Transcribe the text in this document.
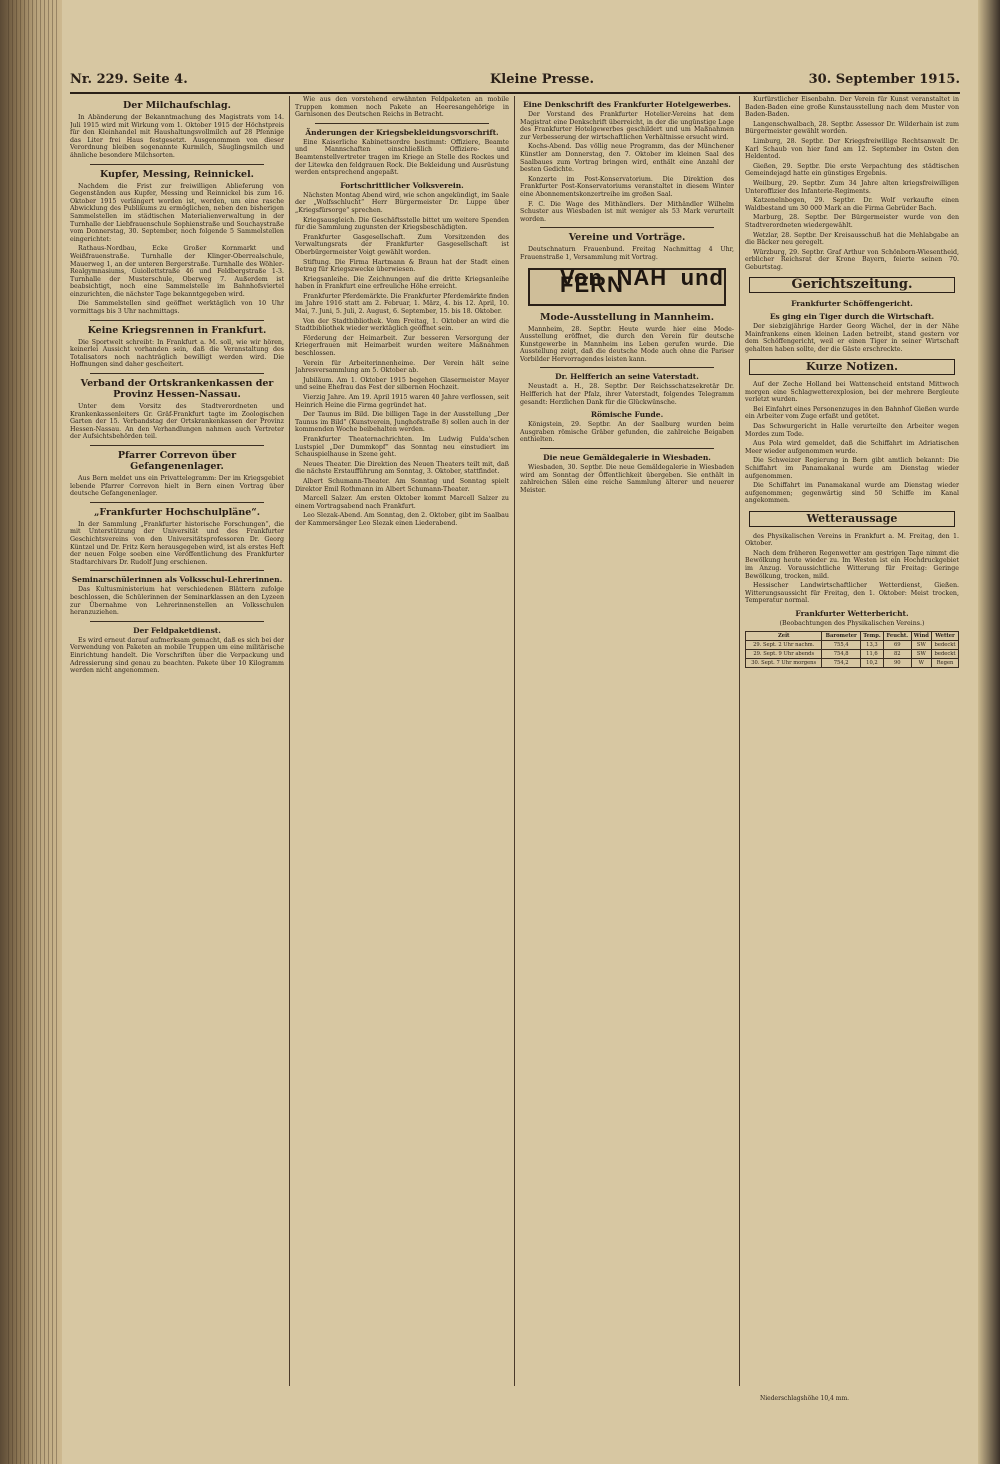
Nr. 229. Seite 4.	Kleine Presse.	30. September 1915.
Der Milchaufschlag.

In Abänderung der Bekanntmachung des Magistrats vom 14. Juli 1915 wird mit Wirkung vom 1. Oktober 1915 der Höchstpreis für den Kleinhandel mit Haushaltungsvollmilch auf 28 Pfennige das Liter frei Haus festgesetzt. Ausgenommen von dieser Verordnung bleiben sogenannte Kurmilch, Säuglingsmilch und ähnliche besondere Milchsorten.

Kupfer, Messing, Reinnickel.

Nachdem die Frist zur freiwilligen Ablieferung von Gegenständen aus Kupfer, Messing und Reinnickel bis zum 16. Oktober 1915 verlängert worden ist, werden, um eine rasche Abwicklung des Publikums zu ermöglichen, neben den bisherigen Sammelstellen im städtischen Materialienverwaltung in der Turnhalle der Liebfrauenschule Sophienstraße und Souchaystraße vom Donnerstag, 30. September, noch folgende 5 Sammelstellen eingerichtet:

Rathaus-Nordbau, Ecke Großer Kornmarkt und Weißfrauenstraße. Turnhalle der Klinger-Oberrealschule, Mauerweg 1, an der unteren Bergerstraße. Turnhalle des Wöhler-Realgymnasiums, Guiollettstraße 46 und Feldbergstraße 1-3. Turnhalle der Musterschule, Oberweg 7. Außerdem ist beabsichtigt, noch eine Sammelstelle im Bahnhofsviertel einzurichten, die nächster Tage bekanntgegeben wird.

Die Sammelstellen sind geöffnet werktäglich von 10 Uhr vormittags bis 3 Uhr nachmittags.

Keine Kriegsrennen in Frankfurt.

Die Sportwelt schreibt: In Frankfurt a. M. soll, wie wir hören, keinerlei Aussicht vorhanden sein, daß die Veranstaltung des Totalisators noch nachträglich bewilligt werden wird. Die Hoffnungen sind daher gescheitert.

Verband der Ortskrankenkassen der Provinz Hessen-Nassau.

Unter dem Vorsitz des Stadtverordneten und Krankenkassenleiters Gr. Gräf-Frankfurt tagte im Zoologischen Garten der 15. Verbandstag der Ortskrankenkassen der Provinz Hessen-Nassau. An den Verhandlungen nahmen auch Vertreter der Aufsichtsbehörden teil.

Pfarrer Correvon über Gefangenenlager.

Aus Bern meldet uns ein Privattelegramm: Der im Kriegsgebiet lebende Pfarrer Correvon hielt in Bern einen Vortrag über deutsche Gefangenenlager.

„Frankfurter Hochschulpläne“.

In der Sammlung „Frankfurter historische Forschungen“, die mit Unterstützung der Universität und des Frankfurter Geschichtsvereins von den Universitätsprofessoren Dr. Georg Küntzel und Dr. Fritz Kern herausgegeben wird, ist als erstes Heft der neuen Folge soeben eine Veröffentlichung des Frankfurter Stadtarchivars Dr. Rudolf Jung erschienen.

Seminarschülerinnen als Volksschul-Lehrerinnen.

Das Kultusministerium hat verschiedenen Blättern zufolge beschlossen, die Schülerinnen der Seminarklassen an den Lyzeen zur Übernahme von Lehrerinnenstellen an Volksschulen heranzuziehen.

Der Feldpaketdienst.

Es wird erneut darauf aufmerksam gemacht, daß es sich bei der Verwendung von Paketen an mobile Truppen um eine militärische Einrichtung handelt. Die Vorschriften über die Verpackung und Adressierung sind genau zu beachten. Pakete über 10 Kilogramm werden nicht angenommen.

Wie aus den vorstehend erwähnten Feldpaketen an mobile Truppen kommen noch Pakete an Heeresangehörige in Garnisonen des Deutschen Reichs in Betracht.

Änderungen der Kriegsbekleidungsvorschrift.

Eine Kaiserliche Kabinettsordre bestimmt: Offiziere, Beamte und Mannschaften einschließlich Offiziere- und Beamtenstellvertreter tragen im Kriege an Stelle des Rockes und der Litewka den feldgrauen Rock. Die Bekleidung und Ausrüstung werden entsprechend angepaßt.

Fortschrittlicher Volksverein.

Nächsten Montag Abend wird, wie schon angekündigt, im Saale der „Wolfsschlucht“ Herr Bürgermeister Dr. Luppe über „Kriegsfürsorge“ sprechen.

Kriegsausgleich. Die Geschäftsstelle bittet um weitere Spenden für die Sammlung zugunsten der Kriegsbeschädigten.

Frankfurter Gasgesellschaft. Zum Vorsitzenden des Verwaltungsrats der Frankfurter Gasgesellschaft ist Oberbürgermeister Voigt gewählt worden.

Stiftung. Die Firma Hartmann & Braun hat der Stadt einen Betrag für Kriegszwecke überwiesen.

Kriegsanleihe. Die Zeichnungen auf die dritte Kriegsanleihe haben in Frankfurt eine erfreuliche Höhe erreicht.

Frankfurter Pferdemärkte. Die Frankfurter Pferdemärkte finden im Jahre 1916 statt am 2. Februar, 1. März, 4. bis 12. April, 10. Mai, 7. Juni, 5. Juli, 2. August, 6. September, 15. bis 18. Oktober.

Von der Stadtbibliothek. Vom Freitag, 1. Oktober an wird die Stadtbibliothek wieder werktäglich geöffnet sein.

Förderung der Heimarbeit. Zur besseren Versorgung der Kriegerfrauen mit Heimarbeit wurden weitere Maßnahmen beschlossen.

Verein für Arbeiterinnenheime. Der Verein hält seine Jahresversammlung am 5. Oktober ab.

Jubiläum. Am 1. Oktober 1915 begehen Glasermeister Mayer und seine Ehefrau das Fest der silbernen Hochzeit.

Vierzig Jahre. Am 19. April 1915 waren 40 Jahre verflossen, seit Heinrich Heine die Firma gegründet hat.

Der Taunus im Bild. Die billigen Tage in der Ausstellung „Der Taunus im Bild“ (Kunstverein, Junghofstraße 8) sollen auch in der kommenden Woche beibehalten werden.

Frankfurter Theaternachrichten. Im Ludwig Fulda'schen Lustspiel „Der Dummkopf“ das Sonntag neu einstudiert im Schauspielhause in Szene geht.

Neues Theater. Die Direktion des Neuen Theaters teilt mit, daß die nächste Erstaufführung am Sonntag, 3. Oktober, stattfindet.

Albert Schumann-Theater. Am Sonntag und Sonntag spielt Direktor Emil Rothmann im Albert Schumann-Theater.

Marcell Salzer. Am ersten Oktober kommt Marcell Salzer zu einem Vortragsabend nach Frankfurt.

Leo Slezak-Abend. Am Sonntag, den 2. Oktober, gibt im Saalbau der Kammersänger Leo Slezak einen Liederabend.

Eine Denkschrift des Frankfurter Hotelgewerbes.

Der Vorstand des Frankfurter Hotelier-Vereins hat dem Magistrat eine Denkschrift überreicht, in der die ungünstige Lage des Frankfurter Hotelgewerbes geschildert und um Maßnahmen zur Verbesserung der wirtschaftlichen Verhältnisse ersucht wird.

Kochs-Abend. Das völlig neue Programm, das der Münchener Künstler am Donnerstag, den 7. Oktober im kleinen Saal des Saalbaues zum Vortrag bringen wird, enthält eine Anzahl der besten Gedichte.

Konzerte im Post-Konservatorium. Die Direktion des Frankfurter Post-Konservatoriums veranstaltet in diesem Winter eine Abonnementskonzertreihe im großen Saal.

F. C. Die Wage des Mithändlers. Der Mithändler Wilhelm Schuster aus Wiesbaden ist mit weniger als 53 Mark verurteilt worden.

Vereine und Vorträge.

Deutschnaturn Frauenbund. Freitag Nachmittag 4 Uhr, Frauenstraße 1, Versammlung mit Vortrag.

Von NAH und FERN
Mode-Ausstellung in Mannheim.

Mannheim, 28. Septbr. Heute wurde hier eine Mode-Ausstellung eröffnet, die durch den Verein für deutsche Kunstgewerbe in Mannheim ins Leben gerufen wurde. Die Ausstellung zeigt, daß die deutsche Mode auch ohne die Pariser Vorbilder Hervorragendes leisten kann.

Dr. Helfferich an seine Vaterstadt.

Neustadt a. H., 28. Septbr. Der Reichsschatzsekretär Dr. Helfferich hat der Pfalz, ihrer Vaterstadt, folgendes Telegramm gesandt: Herzlichen Dank für die Glückwünsche.

Römische Funde.

Königstein, 29. Septbr. An der Saalburg wurden beim Ausgraben römische Gräber gefunden, die zahlreiche Beigaben enthielten.

Die neue Gemäldegalerie in Wiesbaden.

Wiesbaden, 30. Septbr. Die neue Gemäldegalerie in Wiesbaden wird am Sonntag der Öffentlichkeit übergeben. Sie enthält in zahlreichen Sälen eine reiche Sammlung älterer und neuerer Meister.

Kurfürstlicher Eisenbahn. Der Verein für Kunst veranstaltet in Baden-Baden eine große Kunstausstellung nach dem Muster von Baden-Baden.

Langenschwalbach, 28. Septbr. Assessor Dr. Wilderhain ist zum Bürgermeister gewählt worden.

Limburg, 28. Septbr. Der Kriegsfreiwillige Rechtsanwalt Dr. Karl Schaub von hier fand am 12. September im Osten den Heldentod.

Gießen, 29. Septbr. Die erste Verpachtung des städtischen Gemeindejagd hatte ein günstiges Ergebnis.

Weilburg, 29. Septbr. Zum 34 Jahre alten kriegsfreiwilligen Unteroffizier des Infanterie-Regiments.

Katzenelnbogen, 29. Septbr. Dr. Wolf verkaufte einen Waldbestand um 30 000 Mark an die Firma Gebrüder Bach.

Marburg, 28. Septbr. Der Bürgermeister wurde von den Stadtverordneten wiedergewählt.

Wetzlar, 28. Septbr. Der Kreisausschuß hat die Mehlabgabe an die Bäcker neu geregelt.

Würzburg, 29. Septbr. Graf Arthur von Schönborn-Wiesentheid, erblicher Reichsrat der Krone Bayern, feierte seinen 70. Geburtstag.

Gerichtszeitung.
Frankfurter Schöffengericht.
Es ging ein Tiger durch die Wirtschaft.

Der siebzigjährige Harder Georg Wächel, der in der Nähe Mainfrankens einen kleinen Laden betreibt, stand gestern vor dem Schöffengericht, weil er einen Tiger in seiner Wirtschaft gehalten haben sollte, der die Gäste erschreckte.

Kurze Notizen.

Auf der Zeche Holland bei Wattenscheid entstand Mittwoch morgen eine Schlagwetterexplosion, bei der mehrere Bergleute verletzt wurden.

Bei Einfahrt eines Personenzuges in den Bahnhof Gießen wurde ein Arbeiter vom Zuge erfaßt und getötet.

Das Schwurgericht in Halle verurteilte den Arbeiter wegen Mordes zum Tode.

Aus Pola wird gemeldet, daß die Schiffahrt im Adriatischen Meer wieder aufgenommen wurde.

Die Schweizer Regierung in Bern gibt amtlich bekannt: Die Schiffahrt im Panamakanal wurde am Dienstag wieder aufgenommen.

Die Schiffahrt im Panamakanal wurde am Dienstag wieder aufgenommen; gegenwärtig sind 50 Schiffe im Kanal angekommen.

Wetteraussage

des Physikalischen Vereins in Frankfurt a. M. Freitag, den 1. Oktober.

Nach dem früheren Regenwetter am gestrigen Tage nimmt die Bewölkung heute wieder zu. Im Westen ist ein Hochdruckgebiet im Anzug. Voraussichtliche Witterung für Freitag: Geringe Bewölkung, trocken, mild.

Hessischer Landwirtschaftlicher Wetterdienst, Gießen. Witterungsaussicht für Freitag, den 1. Oktober: Meist trocken, Temperatur normal.

Frankfurter Wetterbericht.
(Beobachtungen des Physikalischen Vereins.)
Zeit	Barometer	Temp.	Feucht.	Wind	Wetter
29. Sept. 2 Uhr nachm.	755,4	13,3	69	SW	bedeckt
29. Sept. 9 Uhr abends	754,8	11,6	82	SW	bedeckt
30. Sept. 7 Uhr morgens	754,2	10,2	90	W	Regen
Niederschlagshöhe 10,4 mm.
